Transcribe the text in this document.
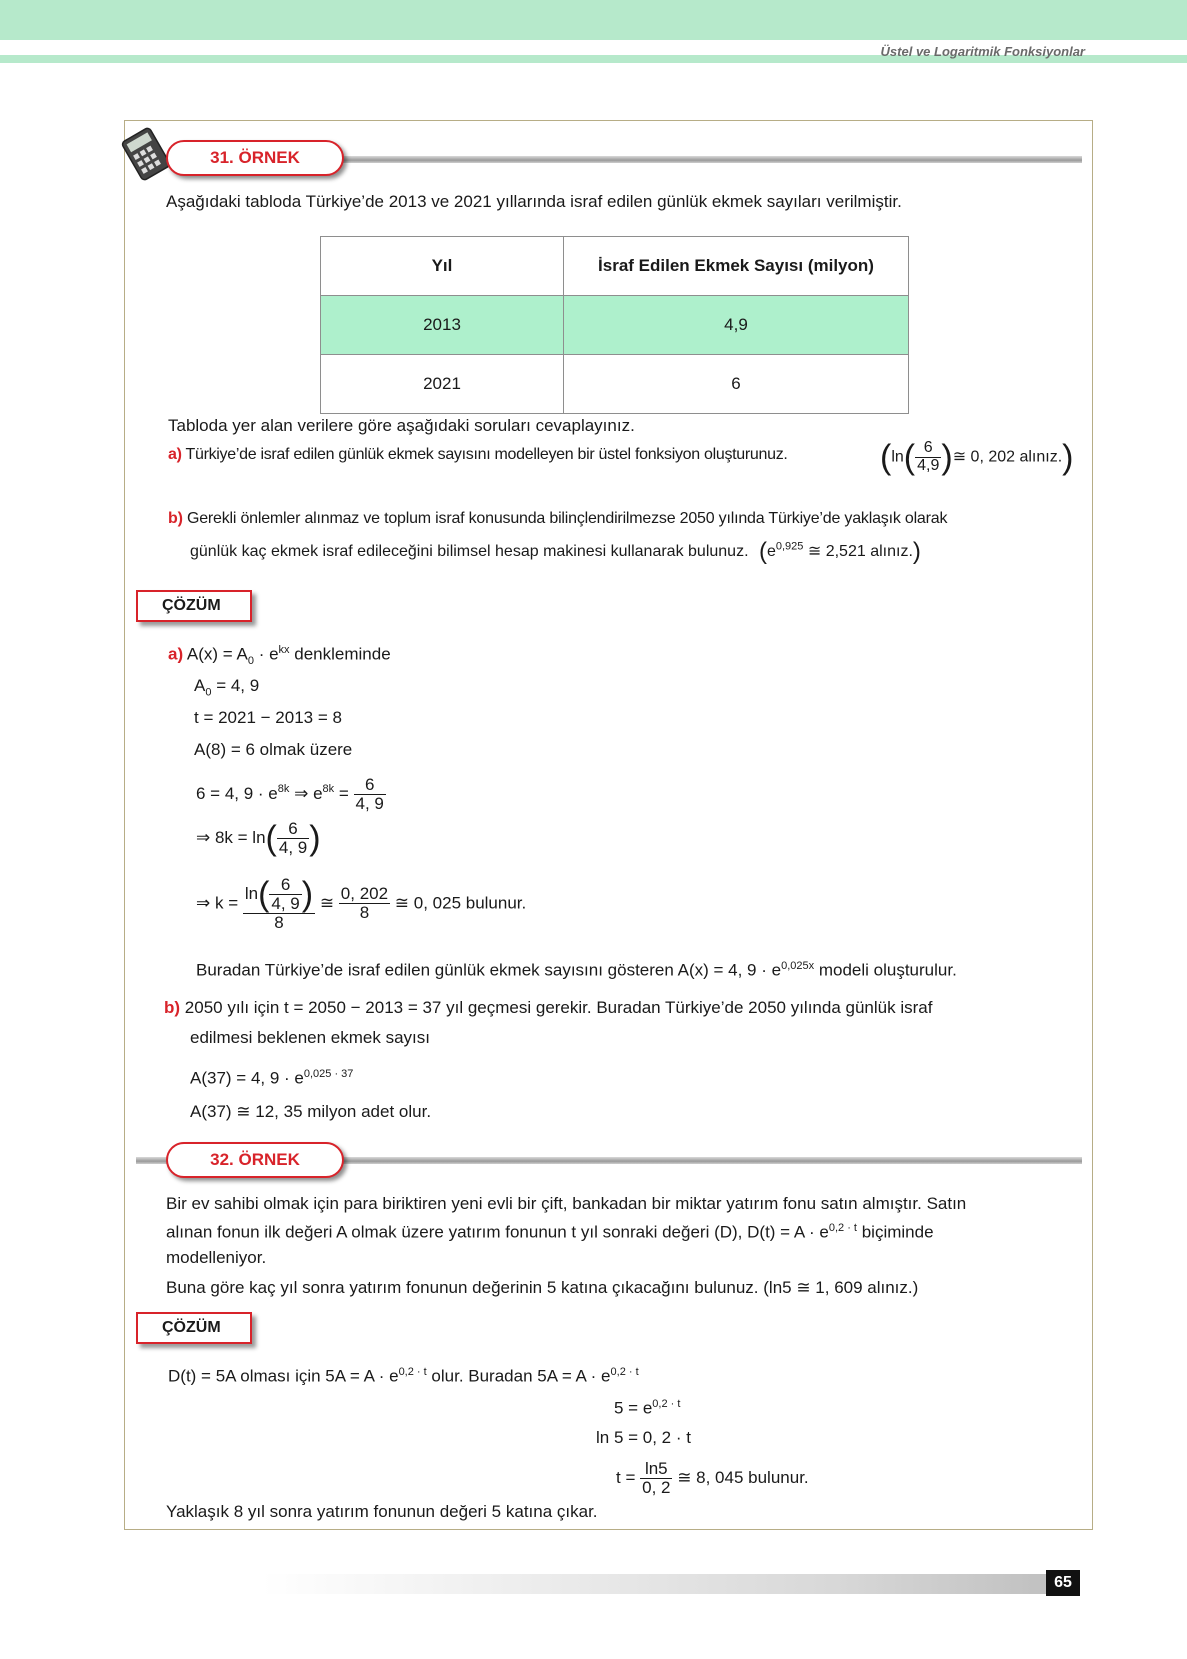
Üstel ve Logaritmik Fonksiyonlar
31. ÖRNEK
Aşağıdaki tabloda Türkiye’de 2013 ve 2021 yıllarında israf edilen günlük ekmek sayıları verilmiştir.
Yıl	İsraf Edilen Ekmek Sayısı (milyon)
2013	4,9
2021	6
Tabloda yer alan verilere göre aşağıdaki soruları cevaplayınız.
a) Türkiye’de israf edilen günlük ekmek sayısını modelleyen bir üstel fonksiyon oluşturunuz.	($\ln( \frac{6}{4,9}$ )≅ 0, 202 alınız.)
b) Gerekli önlemler alınmaz ve toplum israf konusunda bilinçlendirilmezse 2050 yılında Türkiye’de yaklaşık olarak
günlük kaç ekmek israf edileceğini bilimsel hesap makinesi kullanarak bulunuz. ($e^{0,925}$ ≅ 2,521 alınız.)
ÇÖZÜM
a) $A(x) = A_0 \cdot e^{kx}$ denkleminde
$A_0 = 4$, 9
t = 2021 − 2013 = 8
A(8) = 6 olmak üzere
6 = 4, $9 \cdot e^{8k}$ ⇒ $e^{8k} = \frac{6}{4, 9}$
⇒ $8k = \ln( \frac{6}{4, 9}$ )
⇒ $k = \frac{\ln( \frac{6}{4, 9} )}{8}$ ≅ $\frac{0, 202}{8}$ ≅ 0, 025 bulunur.
Buradan Türkiye’de israf edilen günlük ekmek sayısını gösteren A(x) = 4, $9 \cdot e^{0,025x}$ modeli oluşturulur.
b) 2050 yılı için t = 2050 − 2013 = 37 yıl geçmesi gerekir. Buradan Türkiye’de 2050 yılında günlük israf
edilmesi beklenen ekmek sayısı
A(37) = 4, $9 \cdot e^{0,025 \cdot 37}$
A(37) ≅ 12, 35 milyon adet olur.
32. ÖRNEK
Bir ev sahibi olmak için para biriktiren yeni evli bir çift, bankadan bir miktar yatırım fonu satın almıştır. Satın
alınan fonun ilk değeri A olmak üzere yatırım fonunun t yıl sonraki değeri (D), $D(t) = A \cdot e^{0,2 \cdot t}$ biçiminde
modelleniyor.
Buna göre kaç yıl sonra yatırım fonunun değerinin 5 katına çıkacağını bulunuz. (ln5 ≅ 1, 609 alınız.)
ÇÖZÜM
D(t) = 5A olması için $5A = A \cdot e^{0,2 \cdot t}$ olur. Buradan $5A = A \cdot e^{0,2 \cdot t}$
$5 = e^{0,2 \cdot t}$
ln 5 = 0, 2 · t
$t = \frac{\ln 5}{0, 2}$ ≅ 8, 045 bulunur.
Yaklaşık 8 yıl sonra yatırım fonunun değeri 5 katına çıkar.
65
